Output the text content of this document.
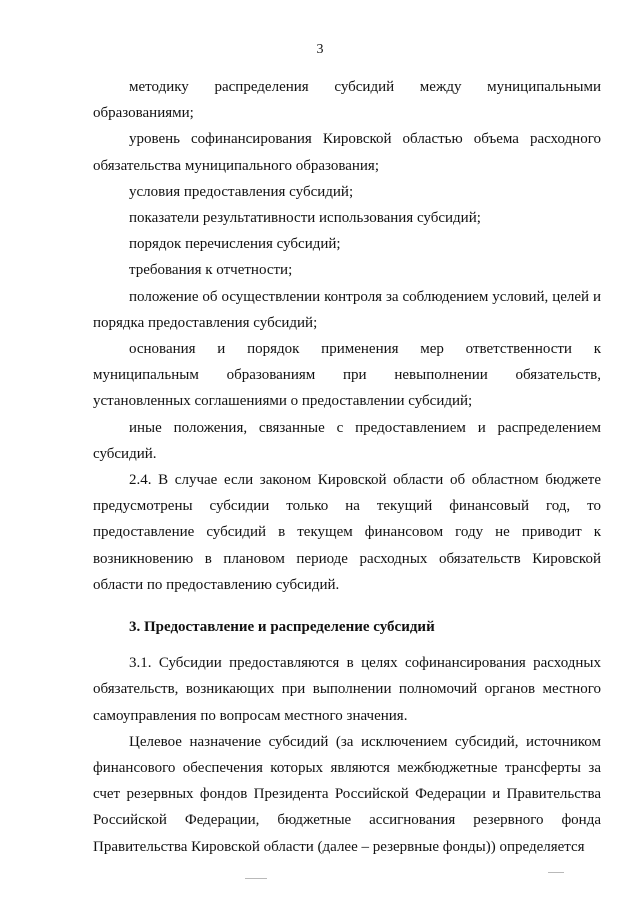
3

методику распределения субсидий между муниципальными образованиями;

уровень софинансирования Кировской областью объема расходного обязательства муниципального образования;

условия предоставления субсидий;

показатели результативности использования субсидий;

порядок перечисления субсидий;

требования к отчетности;

положение об осуществлении контроля за соблюдением условий, целей и порядка предоставления субсидий;

основания и порядок применения мер ответственности к муниципальным образованиям при невыполнении обязательств, установленных соглашениями о предоставлении субсидий;

иные положения, связанные с предоставлением и распределением субсидий.

2.4. В случае если законом Кировской области об областном бюджете предусмотрены субсидии только на текущий финансовый год, то предоставление субсидий в текущем финансовом году не приводит к возникновению в плановом периоде расходных обязательств Кировской области по предоставлению субсидий.

3. Предоставление и распределение субсидий

3.1. Субсидии предоставляются в целях софинансирования расходных обязательств, возникающих при выполнении полномочий органов местного самоуправления по вопросам местного значения.

Целевое назначение субсидий (за исключением субсидий, источником финансового обеспечения которых являются межбюджетные трансферты за счет резервных фондов Президента Российской Федерации и Правительства Российской Федерации, бюджетные ассигнования резервного фонда Правительства Кировской области (далее – резервные фонды)) определяется
